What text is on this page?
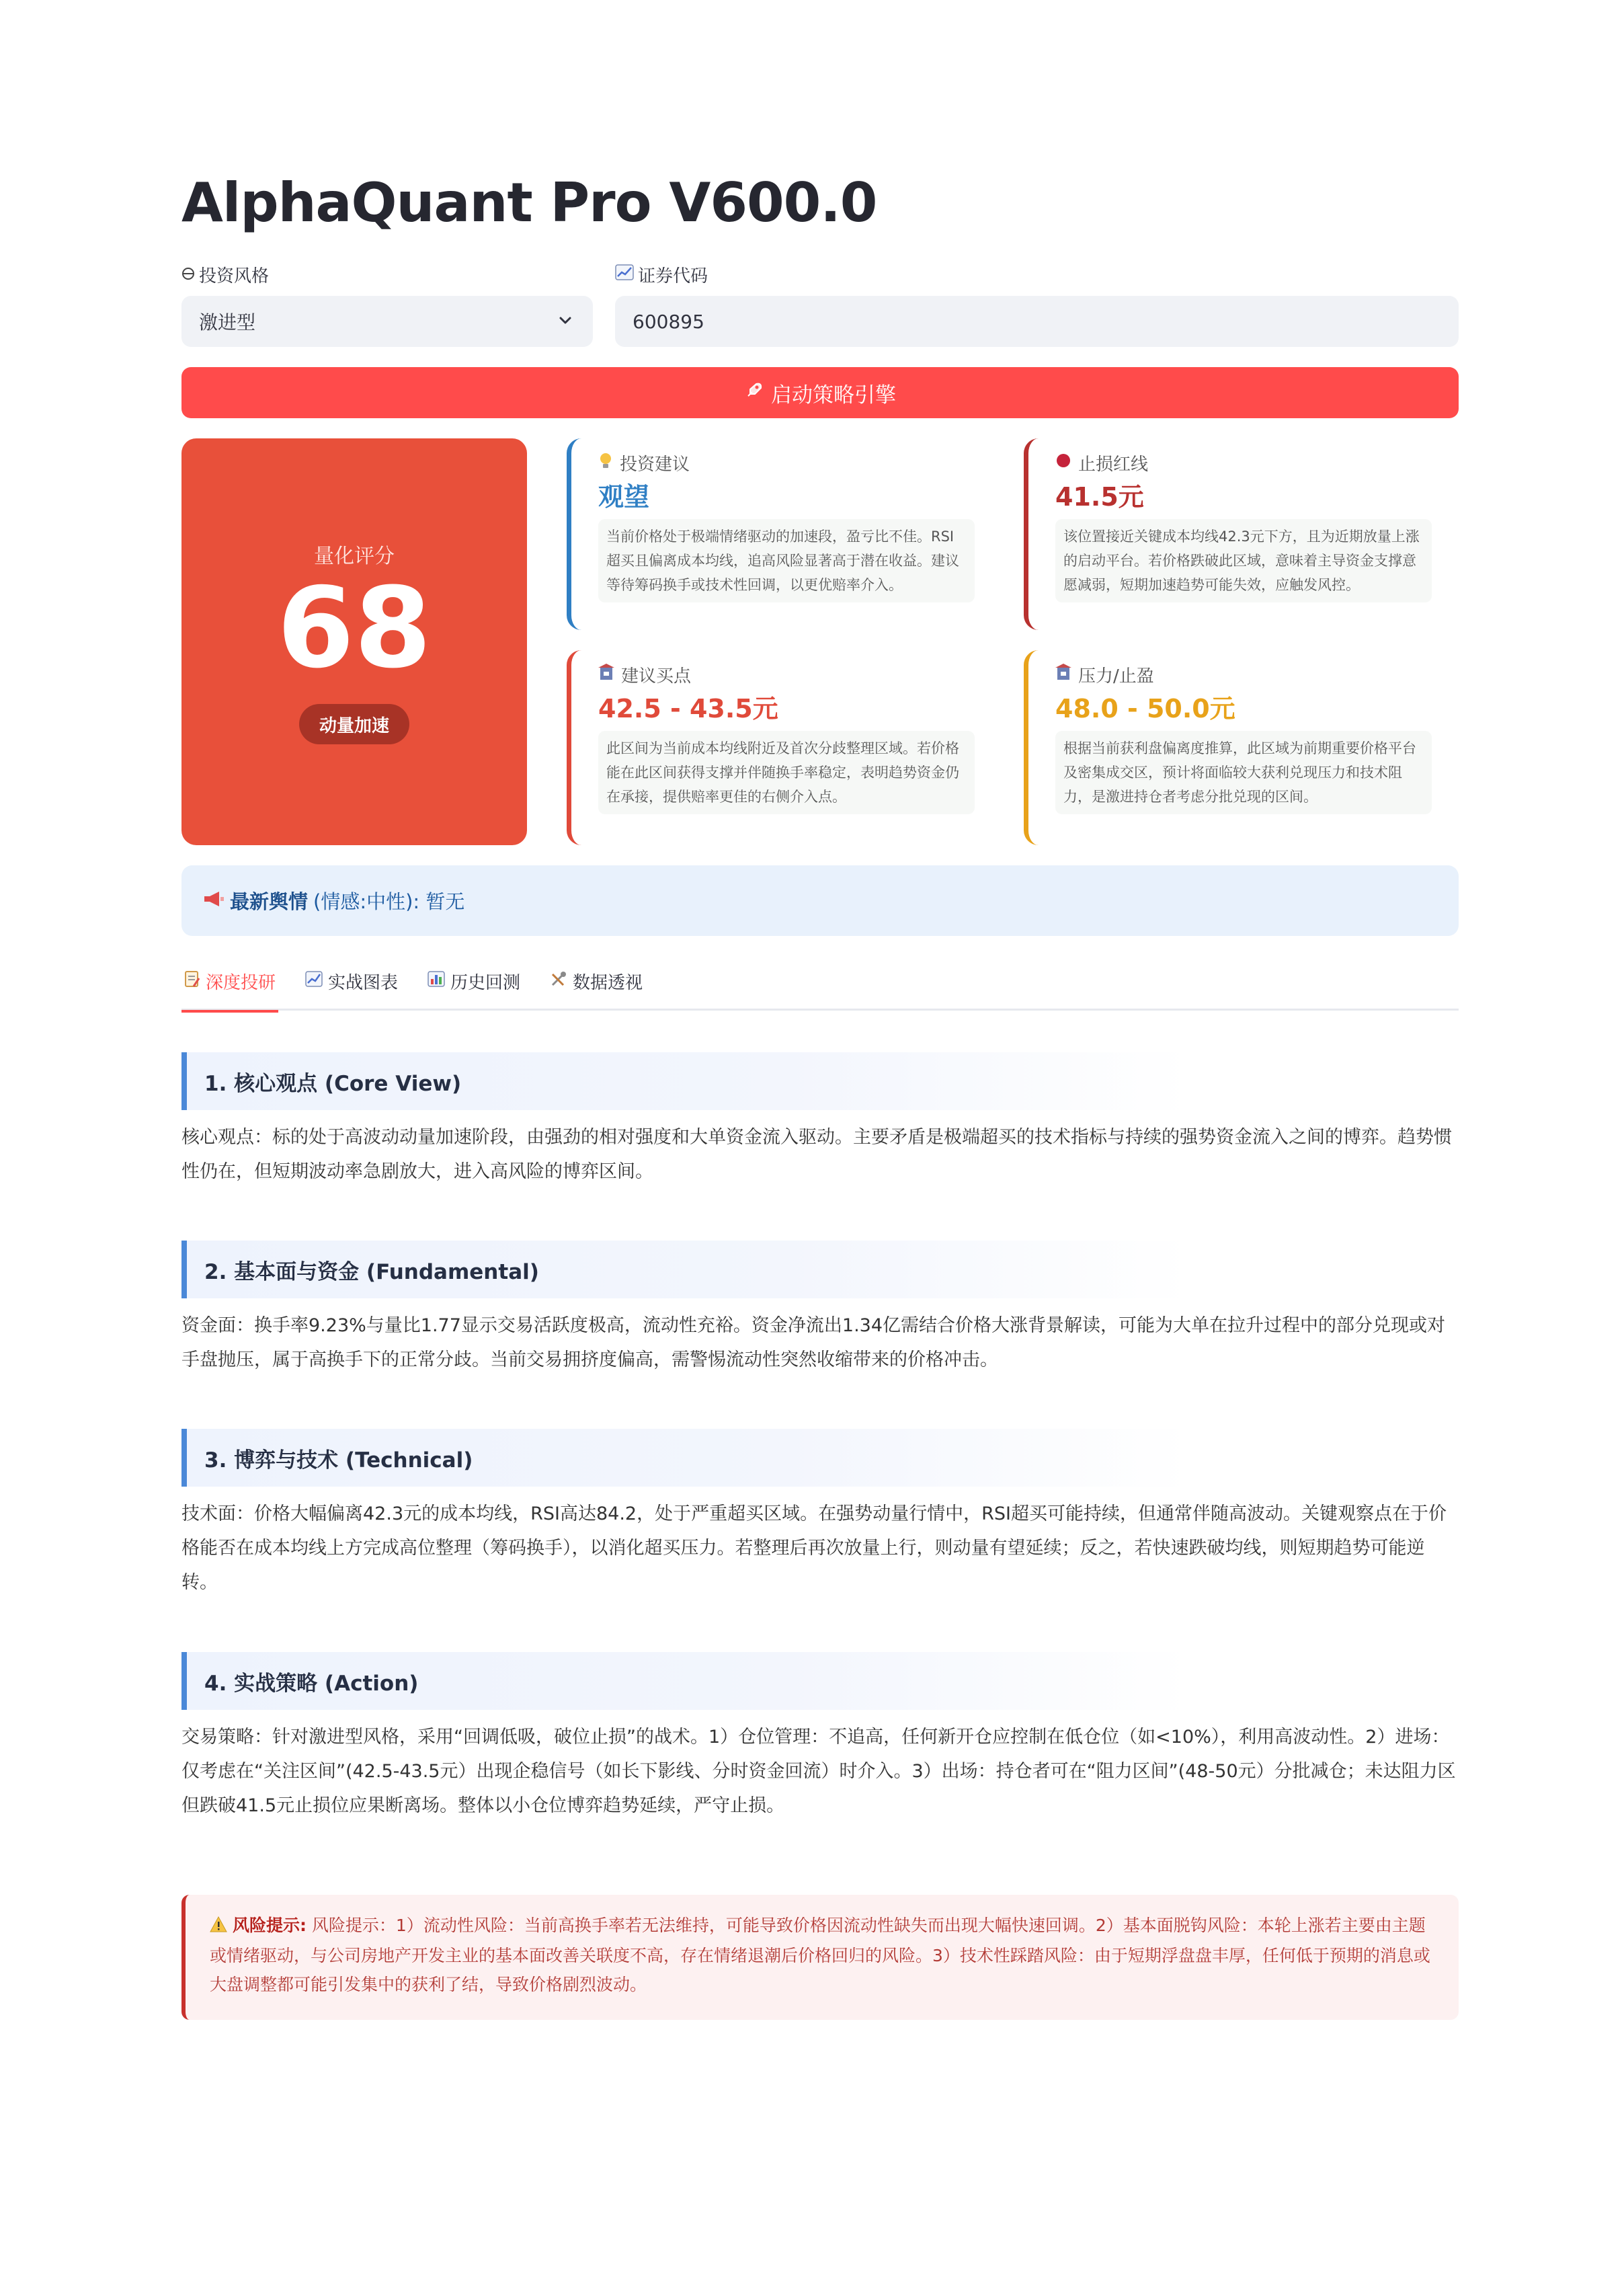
AlphaQuant Pro V600.0
投资风格
激进型
证券代码
600895
启动策略引擎
量化评分
68
动量加速
投资建议
观望
当前价格处于极端情绪驱动的加速段，盈亏比不佳。RSI超买且偏离成本均线，追高风险显著高于潜在收益。建议等待筹码换手或技术性回调，以更优赔率介入。
止损红线
41.5元
该位置接近关键成本均线42.3元下方，且为近期放量上涨的启动平台。若价格跌破此区域，意味着主导资金支撑意愿减弱，短期加速趋势可能失效，应触发风控。
建议买点
42.5 - 43.5元
此区间为当前成本均线附近及首次分歧整理区域。若价格能在此区间获得支撑并伴随换手率稳定，表明趋势资金仍在承接，提供赔率更佳的右侧介入点。
压力/止盈
48.0 - 50.0元
根据当前获利盘偏离度推算，此区域为前期重要价格平台及密集成交区，预计将面临较大获利兑现压力和技术阻力，是激进持仓者考虑分批兑现的区间。
最新舆情 (情感:中性): 暂无
深度投研	实战图表	历史回测	数据透视
1. 核心观点 (Core View)
核心观点：标的处于高波动动量加速阶段，由强劲的相对强度和大单资金流入驱动。主要矛盾是极端超买的技术指标与持续的强势资金流入之间的博弈。趋势惯性仍在，但短期波动率急剧放大，进入高风险的博弈区间。
2. 基本面与资金 (Fundamental)
资金面：换手率9.23%与量比1.77显示交易活跃度极高，流动性充裕。资金净流出1.34亿需结合价格大涨背景解读，可能为大单在拉升过程中的部分兑现或对手盘抛压，属于高换手下的正常分歧。当前交易拥挤度偏高，需警惕流动性突然收缩带来的价格冲击。
3. 博弈与技术 (Technical)
技术面：价格大幅偏离42.3元的成本均线，RSI高达84.2，处于严重超买区域。在强势动量行情中，RSI超买可能持续，但通常伴随高波动。关键观察点在于价格能否在成本均线上方完成高位整理（筹码换手），以消化超买压力。若整理后再次放量上行，则动量有望延续；反之，若快速跌破均线，则短期趋势可能逆转。
4. 实战策略 (Action)
交易策略：针对激进型风格，采用“回调低吸，破位止损”的战术。1）仓位管理：不追高，任何新开仓应控制在低仓位（如<10%），利用高波动性。2）进场：仅考虑在“关注区间”(42.5-43.5元）出现企稳信号（如长下影线、分时资金回流）时介入。3）出场：持仓者可在“阻力区间”(48-50元）分批减仓；未达阻力区但跌破41.5元止损位应果断离场。整体以小仓位博弈趋势延续，严守止损。
风险提示: 风险提示：1）流动性风险：当前高换手率若无法维持，可能导致价格因流动性缺失而出现大幅快速回调。2）基本面脱钩风险：本轮上涨若主要由主题或情绪驱动，与公司房地产开发主业的基本面改善关联度不高，存在情绪退潮后价格回归的风险。3）技术性踩踏风险：由于短期浮盘盘丰厚，任何低于预期的消息或大盘调整都可能引发集中的获利了结，导致价格剧烈波动。
